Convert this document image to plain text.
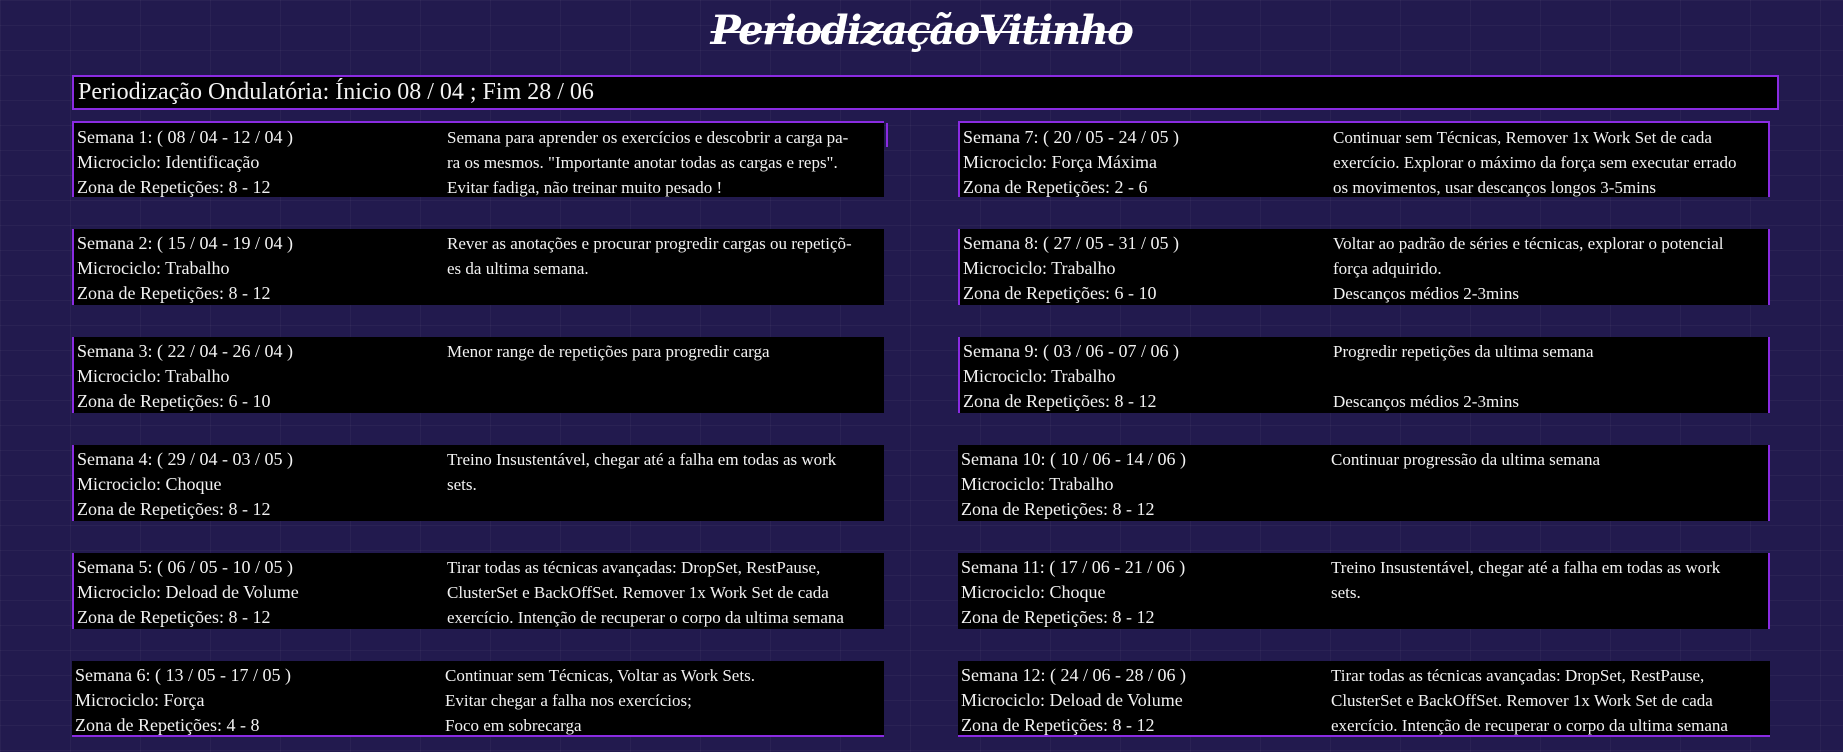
PeriodizaçãoVitinho
Periodização Ondulatória: Ínicio 08 / 04 ; Fim 28 / 06
Semana 1: ( 08 / 04 - 12 / 04 )
Microciclo: Identificação
Zona de Repetições: 8 - 12
Semana para aprender os exercícios e descobrir a carga pa-
ra os mesmos. "Importante anotar todas as cargas e reps".
Evitar fadiga, não treinar muito pesado !
Semana 2: ( 15 / 04 - 19 / 04 )
Microciclo: Trabalho
Zona de Repetições: 8 - 12
Rever as anotações e procurar progredir cargas ou repetiçõ-
es da ultima semana.
Semana 3: ( 22 / 04 - 26 / 04 )
Microciclo: Trabalho
Zona de Repetições: 6 - 10
Menor range de repetições para progredir carga
Semana 4: ( 29 / 04 - 03 / 05 )
Microciclo: Choque
Zona de Repetições: 8 - 12
Treino Insustentável, chegar até a falha em todas as work
sets.
Semana 5: ( 06 / 05 - 10 / 05 )
Microciclo: Deload de Volume
Zona de Repetições: 8 - 12
Tirar todas as técnicas avançadas: DropSet, RestPause,
ClusterSet e BackOffSet. Remover 1x Work Set de cada
exercício. Intenção de recuperar o corpo da ultima semana
Semana 6: ( 13 / 05 - 17 / 05 )
Microciclo: Força
Zona de Repetições: 4 - 8
Continuar sem Técnicas, Voltar as Work Sets.
Evitar chegar a falha nos exercícios;
Foco em sobrecarga
Semana 7: ( 20 / 05 - 24 / 05 )
Microciclo: Força Máxima
Zona de Repetições: 2 - 6
Continuar sem Técnicas, Remover 1x Work Set de cada
exercício. Explorar o máximo da força sem executar errado
os movimentos, usar descanços longos 3-5mins
Semana 8: ( 27 / 05 - 31 / 05 )
Microciclo: Trabalho
Zona de Repetições: 6 - 10
Voltar ao padrão de séries e técnicas, explorar o potencial
força adquirido.
Descanços médios 2-3mins
Semana 9: ( 03 / 06 - 07 / 06 )
Microciclo: Trabalho
Zona de Repetições: 8 - 12
Progredir repetições da ultima semana
Descanços médios 2-3mins
Semana 10: ( 10 / 06 - 14 / 06 )
Microciclo: Trabalho
Zona de Repetições: 8 - 12
Continuar progressão da ultima semana
Semana 11: ( 17 / 06 - 21 / 06 )
Microciclo: Choque
Zona de Repetições: 8 - 12
Treino Insustentável, chegar até a falha em todas as work
sets.
Semana 12: ( 24 / 06 - 28 / 06 )
Microciclo: Deload de Volume
Zona de Repetições: 8 - 12
Tirar todas as técnicas avançadas: DropSet, RestPause,
ClusterSet e BackOffSet. Remover 1x Work Set de cada
exercício. Intenção de recuperar o corpo da ultima semana
